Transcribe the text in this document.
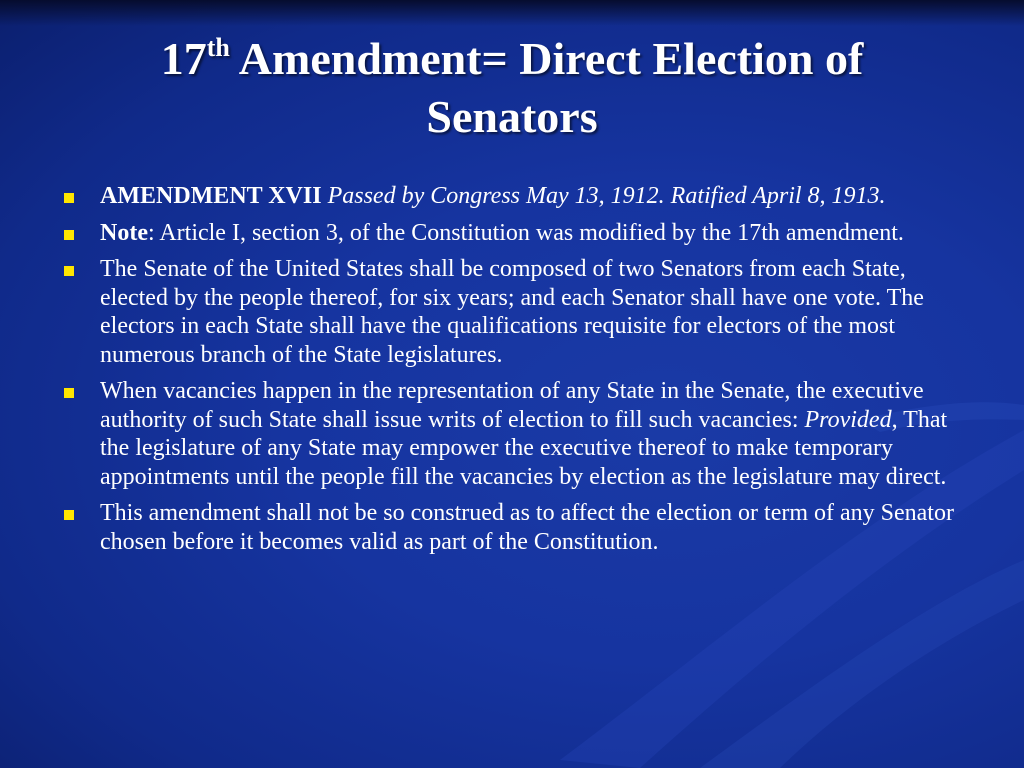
17th Amendment= Direct Election of
Senators
AMENDMENT XVII Passed by Congress May 13, 1912. Ratified April 8, 1913.
Note: Article I, section 3, of the Constitution was modified by the 17th amendment.
The Senate of the United States shall be composed of two Senators from each State, elected by the people thereof, for six years; and each Senator shall have one vote. The electors in each State shall have the qualifications requisite for electors of the most numerous branch of the State legislatures.
When vacancies happen in the representation of any State in the Senate, the executive authority of such State shall issue writs of election to fill such vacancies: Provided, That the legislature of any State may empower the executive thereof to make temporary appointments until the people fill the vacancies by election as the legislature may direct.
This amendment shall not be so construed as to affect the election or term of any Senator chosen before it becomes valid as part of the Constitution.
